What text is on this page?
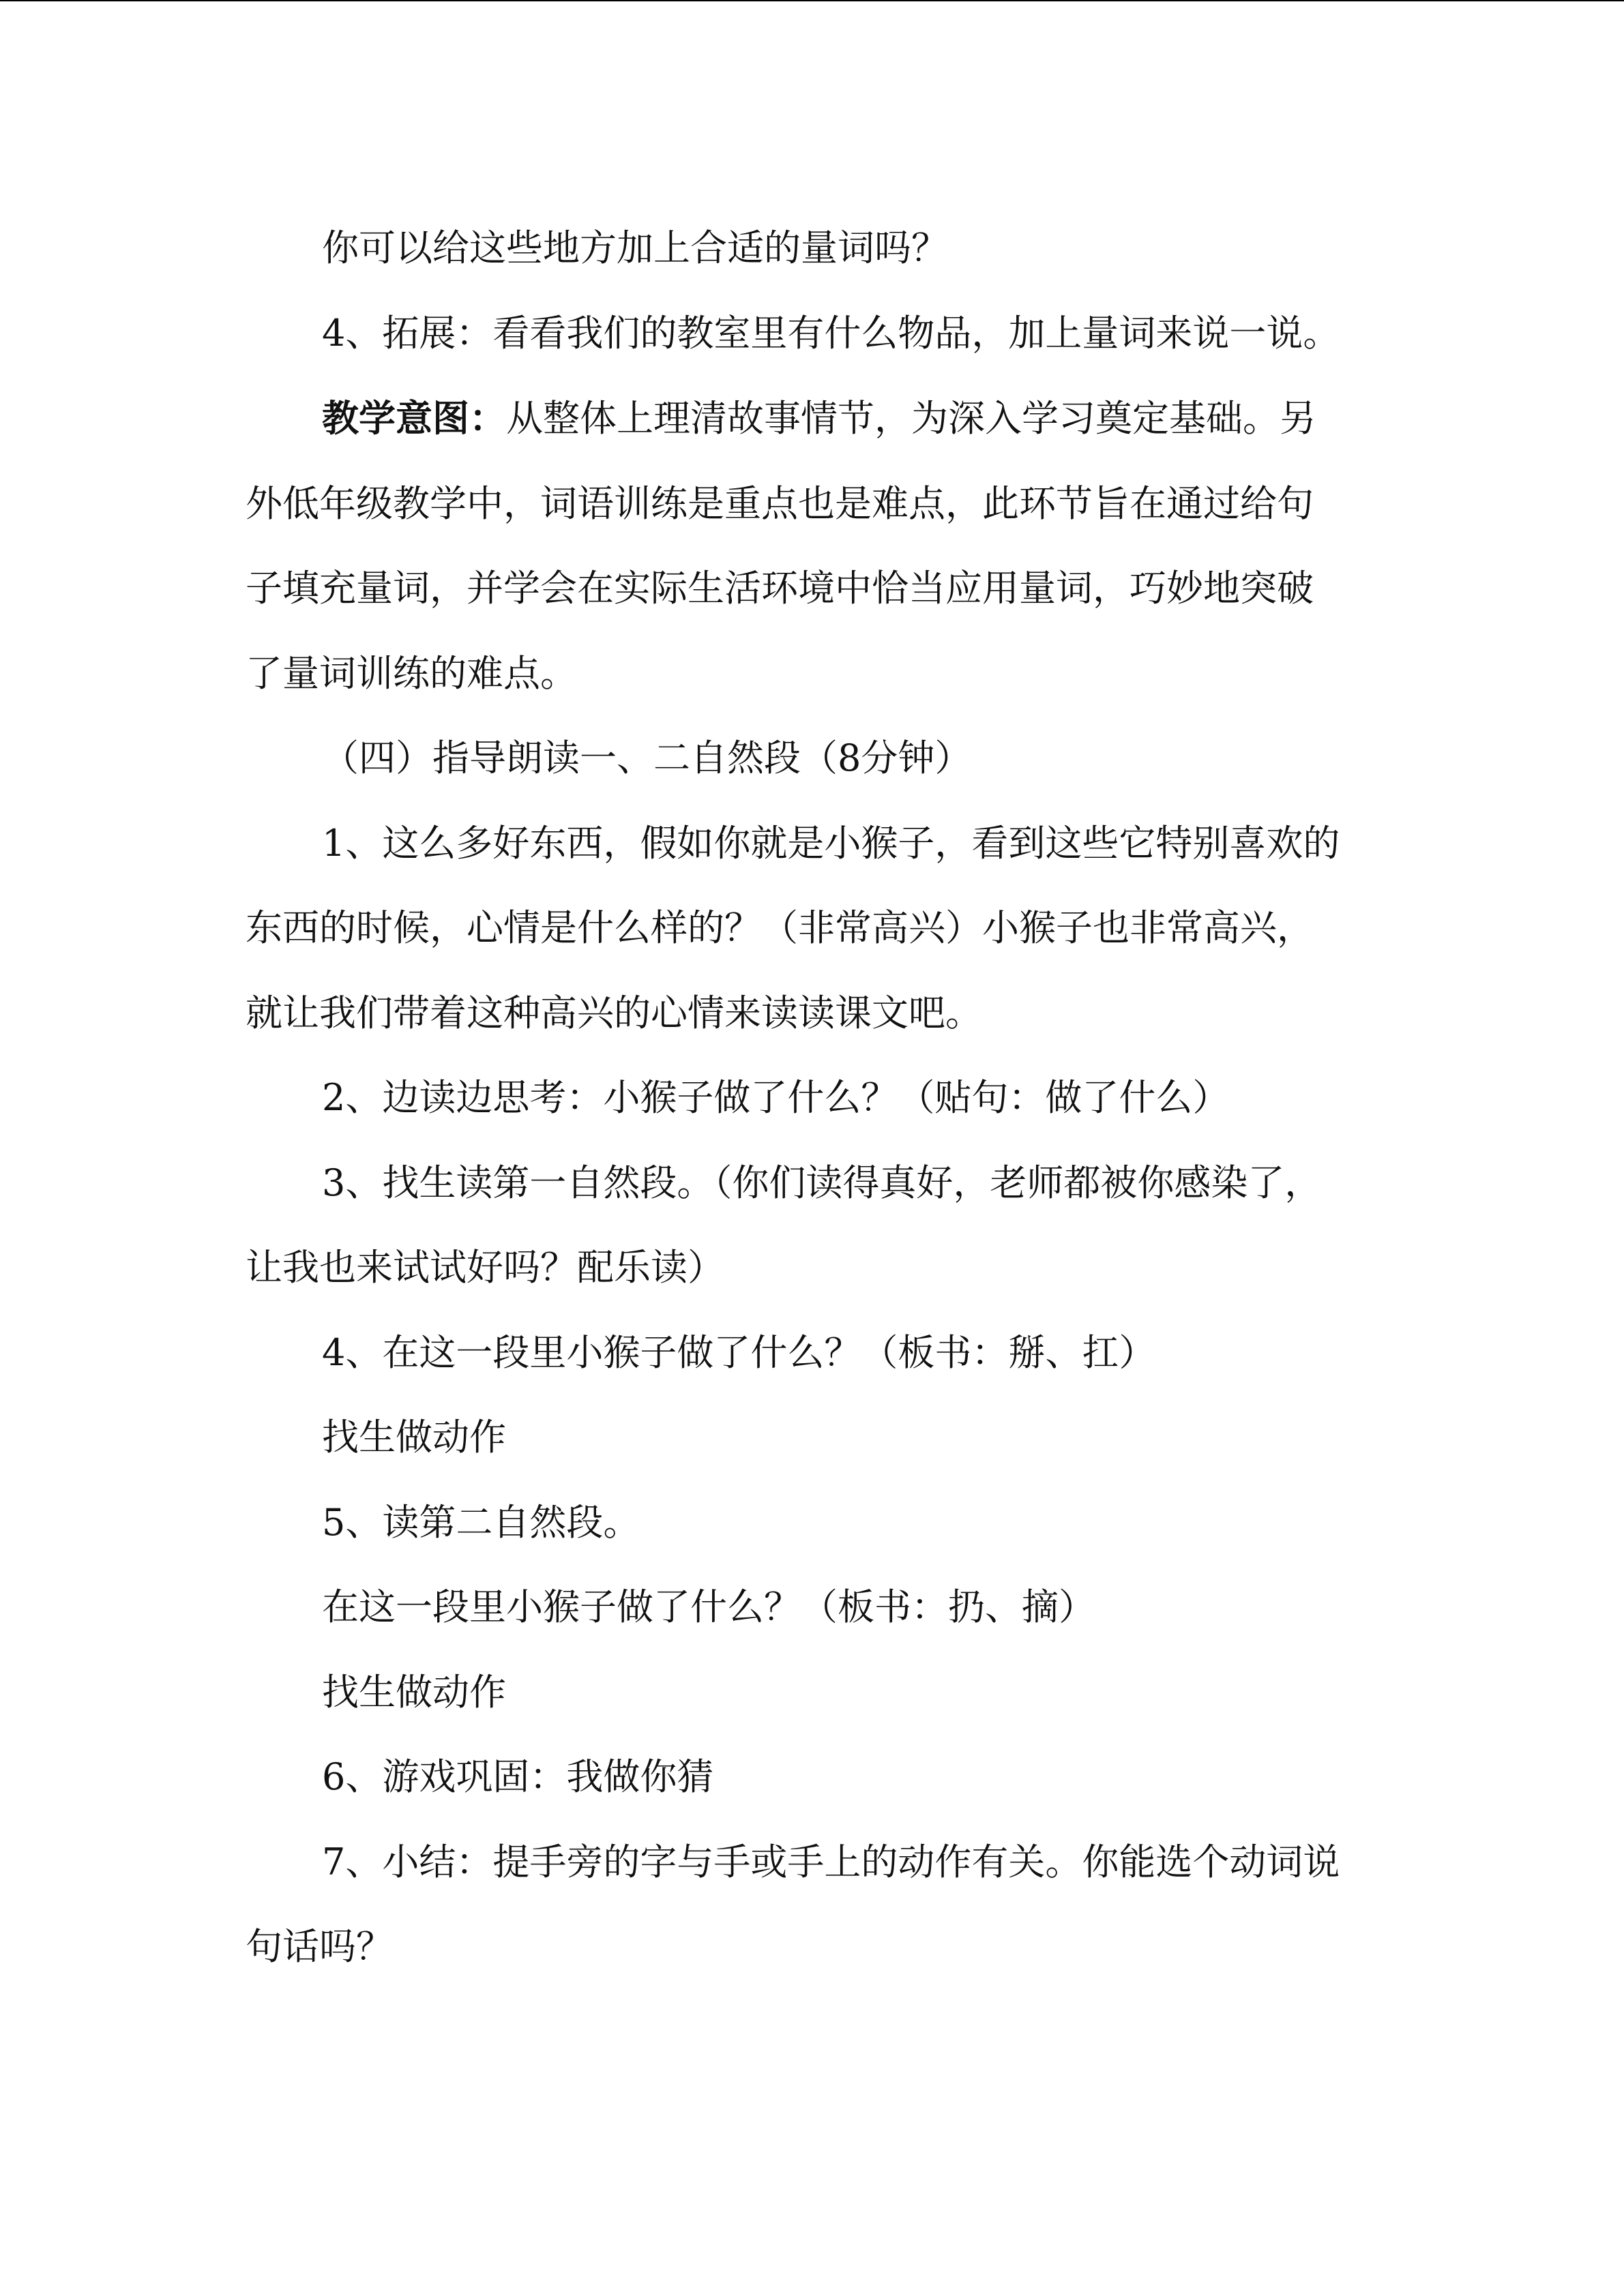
你可以给这些地方加上合适的量词吗？

4、拓展：看看我们的教室里有什么物品，加上量词来说一说。

教学意图：从整体上理清故事情节，为深入学习奠定基础。另

外低年级教学中，词语训练是重点也是难点，此环节旨在通过给句

子填充量词，并学会在实际生活环境中恰当应用量词，巧妙地突破

了量词训练的难点。

（四）指导朗读一、二自然段（8分钟）

1、这么多好东西，假如你就是小猴子，看到这些它特别喜欢的

东西的时候，心情是什么样的？（非常高兴）小猴子也非常高兴，

就让我们带着这种高兴的心情来读读课文吧。

2、边读边思考：小猴子做了什么？（贴句：做了什么）

3、找生读第一自然段。（你们读得真好，老师都被你感染了，

让我也来试试好吗？配乐读）

4、在这一段里小猴子做了什么？（板书：掰、扛）

找生做动作

5、读第二自然段。

在这一段里小猴子做了什么？（板书：扔、摘）

找生做动作

6、游戏巩固：我做你猜

7、小结：提手旁的字与手或手上的动作有关。你能选个动词说

句话吗？
